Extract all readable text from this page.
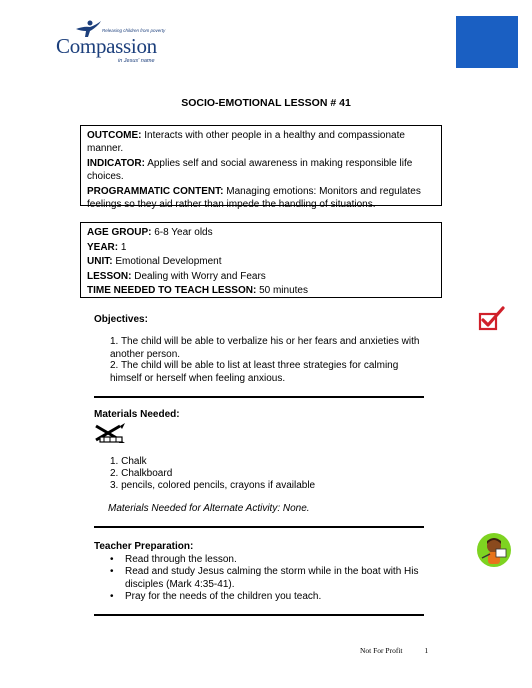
Releasing children from poverty
Compassion
in Jesus' name
SOCIO-EMOTIONAL LESSON # 41

OUTCOME: Interacts with other people in a healthy and compassionate manner.

INDICATOR: Applies self and social awareness in making responsible life choices.

PROGRAMMATIC CONTENT: Managing emotions: Monitors and regulates feelings so they aid rather than impede the handling of situations.

AGE GROUP: 6-8 Year olds

YEAR: 1

UNIT: Emotional Development

LESSON: Dealing with Worry and Fears

TIME NEEDED TO TEACH LESSON: 50 minutes

Objectives:
1. The child will be able to verbalize his or her fears and anxieties with another person.
2. The child will be able to list at least three strategies for calming himself or herself when feeling anxious.
Materials Needed:
1. Chalk
2. Chalkboard
3. pencils, colored pencils, crayons if available
Materials Needed for Alternate Activity: None.
Teacher Preparation:
• Read through the lesson.
• Read and study Jesus calming the storm while in the boat with His disciples (Mark 4:35-41).
• Pray for the needs of the children you teach.
Not For Profit	1
